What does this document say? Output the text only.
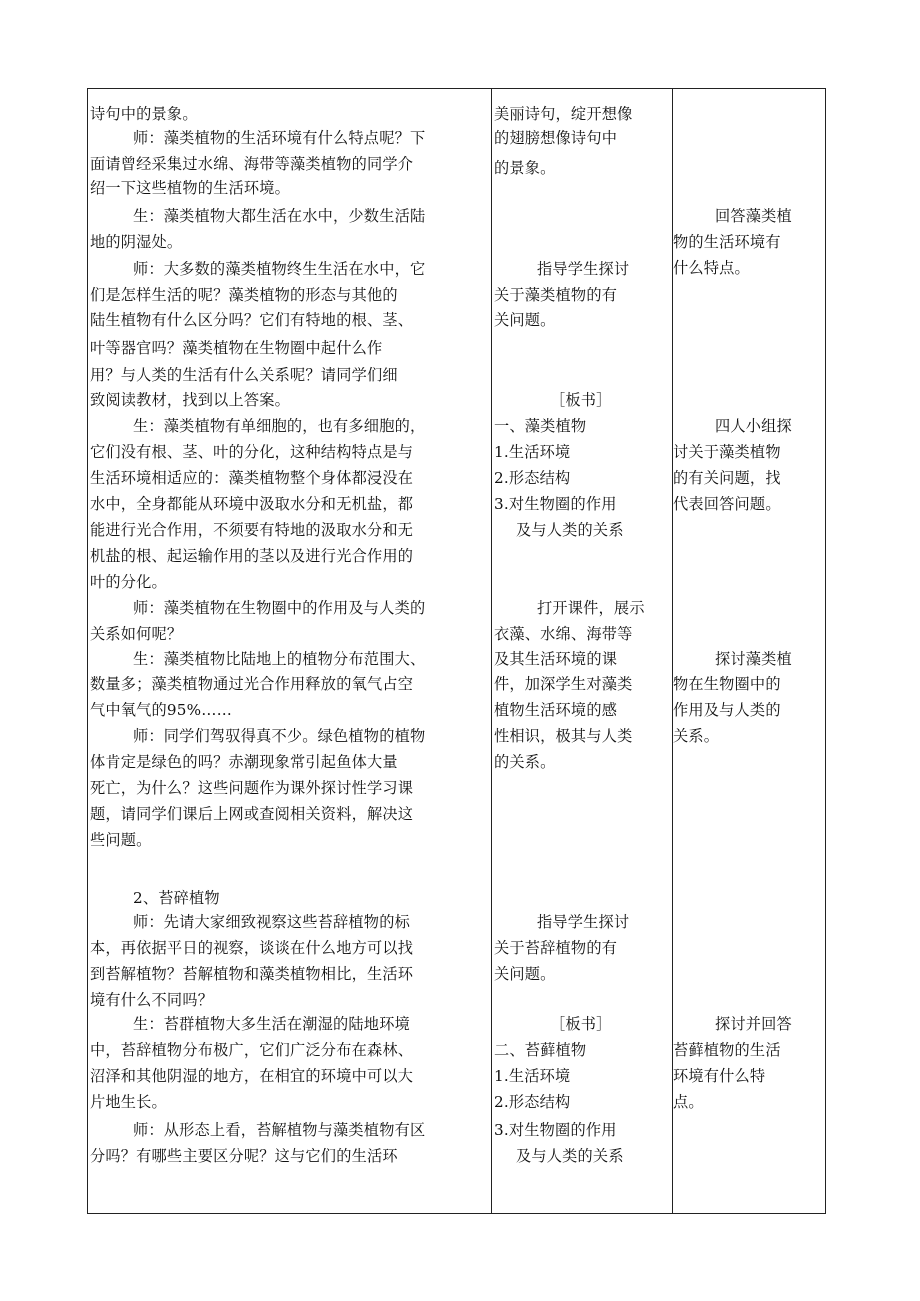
诗句中的景象。
师：藻类植物的生活环境有什么特点呢？下
面请曾经采集过水绵、海带等藻类植物的同学介
绍一下这些植物的生活环境。
生：藻类植物大都生活在水中，少数生活陆
地的阴湿处。
师：大多数的藻类植物终生生活在水中，它
们是怎样生活的呢？藻类植物的形态与其他的
陆生植物有什么区分吗？它们有特地的根、茎、
叶等器官吗？藻类植物在生物圈中起什么作
用？与人类的生活有什么关系呢？请同学们细
致阅读教材，找到以上答案。
生：藻类植物有单细胞的，也有多细胞的，
它们没有根、茎、叶的分化，这种结构特点是与
生活环境相适应的：藻类植物整个身体都浸没在
水中，全身都能从环境中汲取水分和无机盐，都
能进行光合作用，不须要有特地的汲取水分和无
机盐的根、起运输作用的茎以及进行光合作用的
叶的分化。
师：藻类植物在生物圈中的作用及与人类的
关系如何呢？
生：藻类植物比陆地上的植物分布范围大、
数量多；藻类植物通过光合作用释放的氧气占空
气中氧气的95%……
师：同学们驾驭得真不少。绿色植物的植物
体肯定是绿色的吗？赤潮现象常引起鱼体大量
死亡，为什么？这些问题作为课外探讨性学习课
题，请同学们课后上网或查阅相关资料，解决这
些问题。
2、苔碎植物
师：先请大家细致视察这些苔辞植物的标
本，再依据平日的视察，谈谈在什么地方可以找
到苔解植物？苔解植物和藻类植物相比，生活环
境有什么不同吗？
生：苔群植物大多生活在潮湿的陆地环境
中，苔辞植物分布极广，它们广泛分布在森林、
沼泽和其他阴湿的地方，在相宜的环境中可以大
片地生长。
师：从形态上看，苔解植物与藻类植物有区
分吗？有哪些主要区分呢？这与它们的生活环
美丽诗句，绽开想像
的翅膀想像诗句中
的景象。
指导学生探讨
关于藻类植物的有
关问题。
［板书］
一、藻类植物
1.生活环境
2.形态结构
3.对生物圈的作用
及与人类的关系
打开课件，展示
衣藻、水绵、海带等
及其生活环境的课
件，加深学生对藻类
植物生活环境的感
性相识，极其与人类
的关系。
指导学生探讨
关于苔辞植物的有
关问题。
［板书］
二、苔藓植物
1.生活环境
2.形态结构
3.对生物圈的作用
及与人类的关系
回答藻类植
物的生活环境有
什么特点。
四人小组探
讨关于藻类植物
的有关问题，找
代表回答问题。
探讨藻类植
物在生物圈中的
作用及与人类的
关系。
探讨并回答
苔藓植物的生活
环境有什么特
点。
